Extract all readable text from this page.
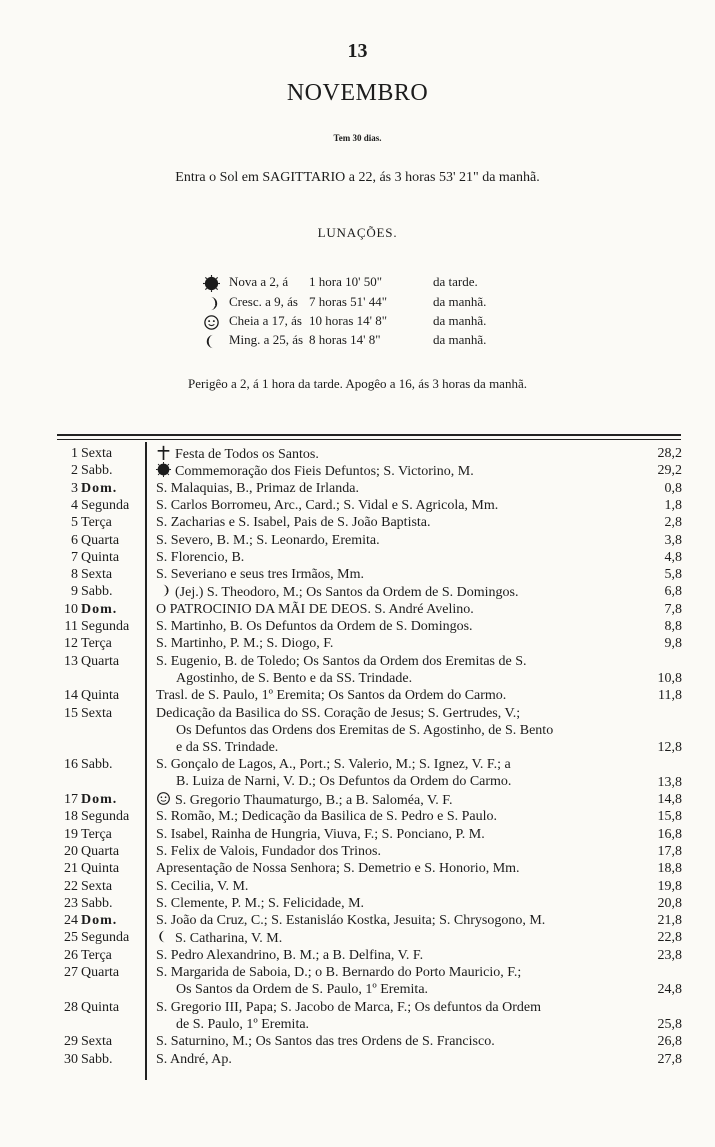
13
NOVEMBRO
Tem 30 dias.
Entra o Sol em SAGITTARIO a 22, ás 3 horas 53' 21" da manhã.
LUNAÇÕES.
Nova a 2, á 1 hora 10' 50"	da tarde.
Cresc. a 9, ás 7 horas 51' 44"	da manhã.
Cheia a 17, ás 10 horas 14' 8"	da manhã.
Ming. a 25, ás 8 horas 14' 8"	da manhã.
Perigêo a 2, á 1 hora da tarde. Apogêo a 16, ás 3 horas da manhã.
1 Sexta	Festa de Todos os Santos.	28,2
2 Sabb.	Commemoração dos Fieis Defuntos; S. Victorino, M.	29,2
3 Dom.	S. Malaquias, B., Primaz de Irlanda.	0,8
4 Segunda S. Carlos Borromeu, Arc., Card.; S. Vidal e S. Agricola, Mm.	1,8
5 Terça	S. Zacharias e S. Isabel, Pais de S. João Baptista.	2,8
6 Quarta	S. Severo, B. M.; S. Leonardo, Eremita.	3,8
7 Quinta	S. Florencio, B.	4,8
8 Sexta	S. Severiano e seus tres Irmãos, Mm.	5,8
9 Sabb.	(Jej.) S. Theodoro, M.; Os Santos da Ordem de S. Domingos.	6,8
10 Dom.	O PATROCINIO DA MÃI DE DEOS. S. André Avelino.	7,8
11 Segunda S. Martinho, B. Os Defuntos da Ordem de S. Domingos.	8,8
12 Terça	S. Martinho, P. M.; S. Diogo, F.	9,8
13 Quarta	S. Eugenio, B. de Toledo; Os Santos da Ordem dos Eremitas de S.
Agostinho, de S. Bento e da SS. Trindade.	10,8
14 Quinta	Trasl. de S. Paulo, 1º Eremita; Os Santos da Ordem do Carmo.	11,8
15 Sexta	Dedicação da Basilica do SS. Coração de Jesus; S. Gertrudes, V.;
Os Defuntos das Ordens dos Eremitas de S. Agostinho, de S. Bento
e da SS. Trindade.	12,8
16 Sabb.	S. Gonçalo de Lagos, A., Port.; S. Valerio, M.; S. Ignez, V. F.; a
B. Luiza de Narni, V. D.; Os Defuntos da Ordem do Carmo.	13,8
17 Dom.	S. Gregorio Thaumaturgo, B.; a B. Saloméa, V. F.	14,8
18 Segunda S. Romão, M.; Dedicação da Basilica de S. Pedro e S. Paulo.	15,8
19 Terça	S. Isabel, Rainha de Hungria, Viuva, F.; S. Ponciano, P. M.	16,8
20 Quarta	S. Felix de Valois, Fundador dos Trinos.	17,8
21 Quinta	Apresentação de Nossa Senhora; S. Demetrio e S. Honorio, Mm.	18,8
22 Sexta	S. Cecilia, V. M.	19,8
23 Sabb.	S. Clemente, P. M.; S. Felicidade, M.	20,8
24 Dom.	S. João da Cruz, C.; S. Estanisláo Kostka, Jesuita; S. Chrysogono, M.	21,8
25 Segunda	S. Catharina, V. M.	22,8
26 Terça	S. Pedro Alexandrino, B. M.; a B. Delfina, V. F.	23,8
27 Quarta	S. Margarida de Saboia, D.; o B. Bernardo do Porto Mauricio, F.;
Os Santos da Ordem de S. Paulo, 1º Eremita.	24,8
28 Quinta	S. Gregorio III, Papa; S. Jacobo de Marca, F.; Os defuntos da Ordem
de S. Paulo, 1º Eremita.	25,8
29 Sexta	S. Saturnino, M.; Os Santos das tres Ordens de S. Francisco.	26,8
30 Sabb.	S. André, Ap.	27,8
